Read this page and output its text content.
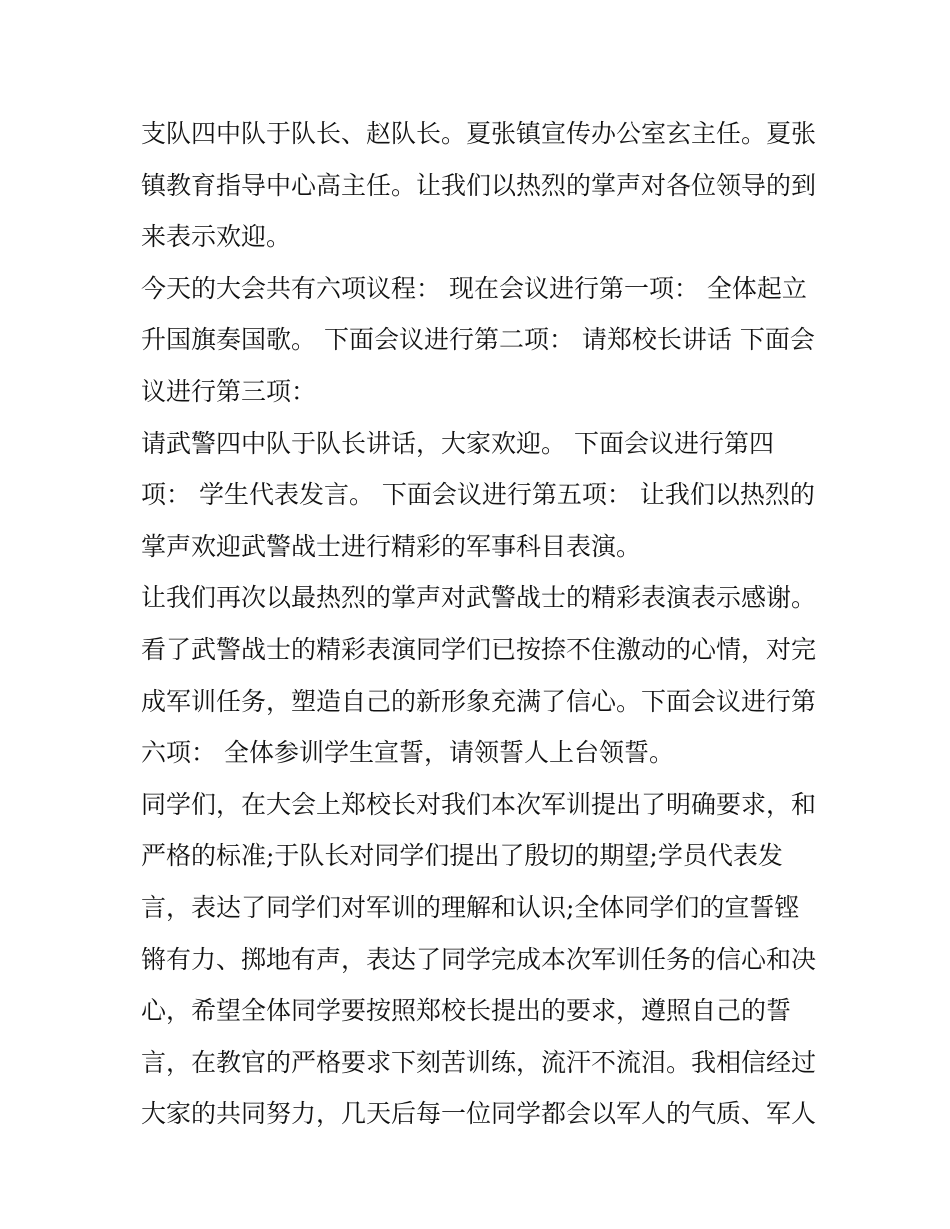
支队四中队于队长、赵队长。夏张镇宣传办公室玄主任。夏张
镇教育指导中心高主任。让我们以热烈的掌声对各位领导的到
来表示欢迎。
今天的大会共有六项议程： 现在会议进行第一项： 全体起立
升国旗奏国歌。 下面会议进行第二项： 请郑校长讲话 下面会
议进行第三项：
请武警四中队于队长讲话，大家欢迎。 下面会议进行第四
项： 学生代表发言。 下面会议进行第五项： 让我们以热烈的
掌声欢迎武警战士进行精彩的军事科目表演。
让我们再次以最热烈的掌声对武警战士的精彩表演表示感谢。
看了武警战士的精彩表演同学们已按捺不住激动的心情，对完
成军训任务，塑造自己的新形象充满了信心。下面会议进行第
六项： 全体参训学生宣誓，请领誓人上台领誓。
同学们，在大会上郑校长对我们本次军训提出了明确要求，和
严格的标准;于队长对同学们提出了殷切的期望;学员代表发
言，表达了同学们对军训的理解和认识;全体同学们的宣誓铿
锵有力、掷地有声，表达了同学完成本次军训任务的信心和决
心，希望全体同学要按照郑校长提出的要求，遵照自己的誓
言，在教官的严格要求下刻苦训练，流汗不流泪。我相信经过
大家的共同努力，几天后每一位同学都会以军人的气质、军人
